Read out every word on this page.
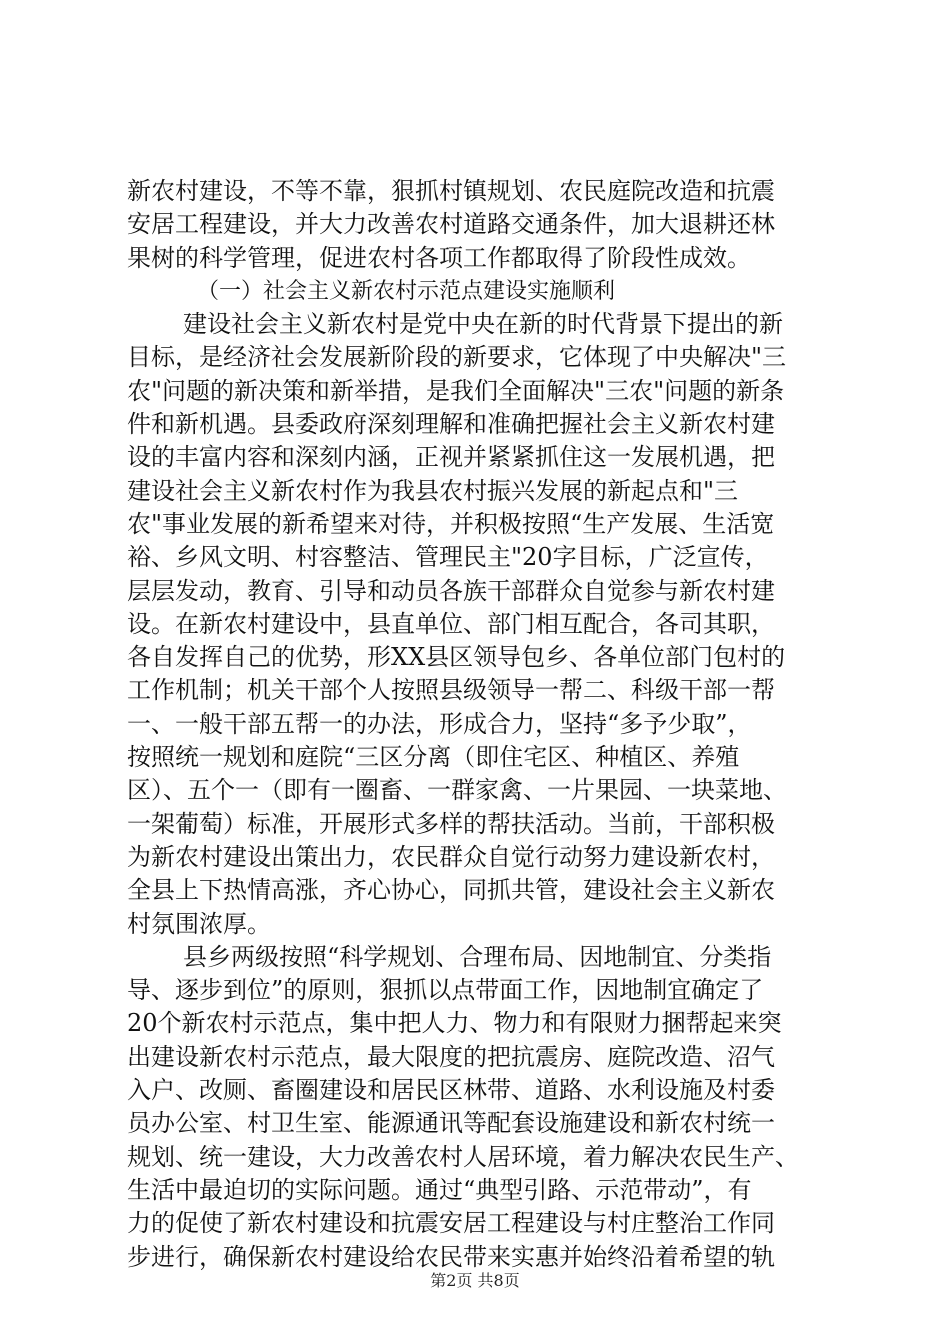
新农村建设，不等不靠，狠抓村镇规划、农民庭院改造和抗震
安居工程建设，并大力改善农村道路交通条件，加大退耕还林
果树的科学管理，促进农村各项工作都取得了阶段性成效。
（一）社会主义新农村示范点建设实施顺利
建设社会主义新农村是党中央在新的时代背景下提出的新
目标，是经济社会发展新阶段的新要求，它体现了中央解决"三
农"问题的新决策和新举措，是我们全面解决"三农"问题的新条
件和新机遇。县委政府深刻理解和准确把握社会主义新农村建
设的丰富内容和深刻内涵，正视并紧紧抓住这一发展机遇，把
建设社会主义新农村作为我县农村振兴发展的新起点和"三
农"事业发展的新希望来对待，并积极按照“生产发展、生活宽
裕、乡风文明、村容整洁、管理民主"20字目标，广泛宣传，
层层发动，教育、引导和动员各族干部群众自觉参与新农村建
设。在新农村建设中，县直单位、部门相互配合，各司其职，
各自发挥自己的优势，形XX县区领导包乡、各单位部门包村的
工作机制；机关干部个人按照县级领导一帮二、科级干部一帮
一、一般干部五帮一的办法，形成合力，坚持“多予少取”，
按照统一规划和庭院“三区分离（即住宅区、种植区、养殖
区）、五个一（即有一圈畜、一群家禽、一片果园、一块菜地、
一架葡萄）标准，开展形式多样的帮扶活动。当前，干部积极
为新农村建设出策出力，农民群众自觉行动努力建设新农村，
全县上下热情高涨，齐心协心，同抓共管，建设社会主义新农
村氛围浓厚。
县乡两级按照“科学规划、合理布局、因地制宜、分类指
导、逐步到位”的原则，狠抓以点带面工作，因地制宜确定了
20个新农村示范点，集中把人力、物力和有限财力捆帮起来突
出建设新农村示范点，最大限度的把抗震房、庭院改造、沼气
入户、改厕、畜圈建设和居民区林带、道路、水利设施及村委
员办公室、村卫生室、能源通讯等配套设施建设和新农村统一
规划、统一建设，大力改善农村人居环境，着力解决农民生产、
生活中最迫切的实际问题。通过“典型引路、示范带动”，有
力的促使了新农村建设和抗震安居工程建设与村庄整治工作同
步进行，确保新农村建设给农民带来实惠并始终沿着希望的轨
第2页 共8页
